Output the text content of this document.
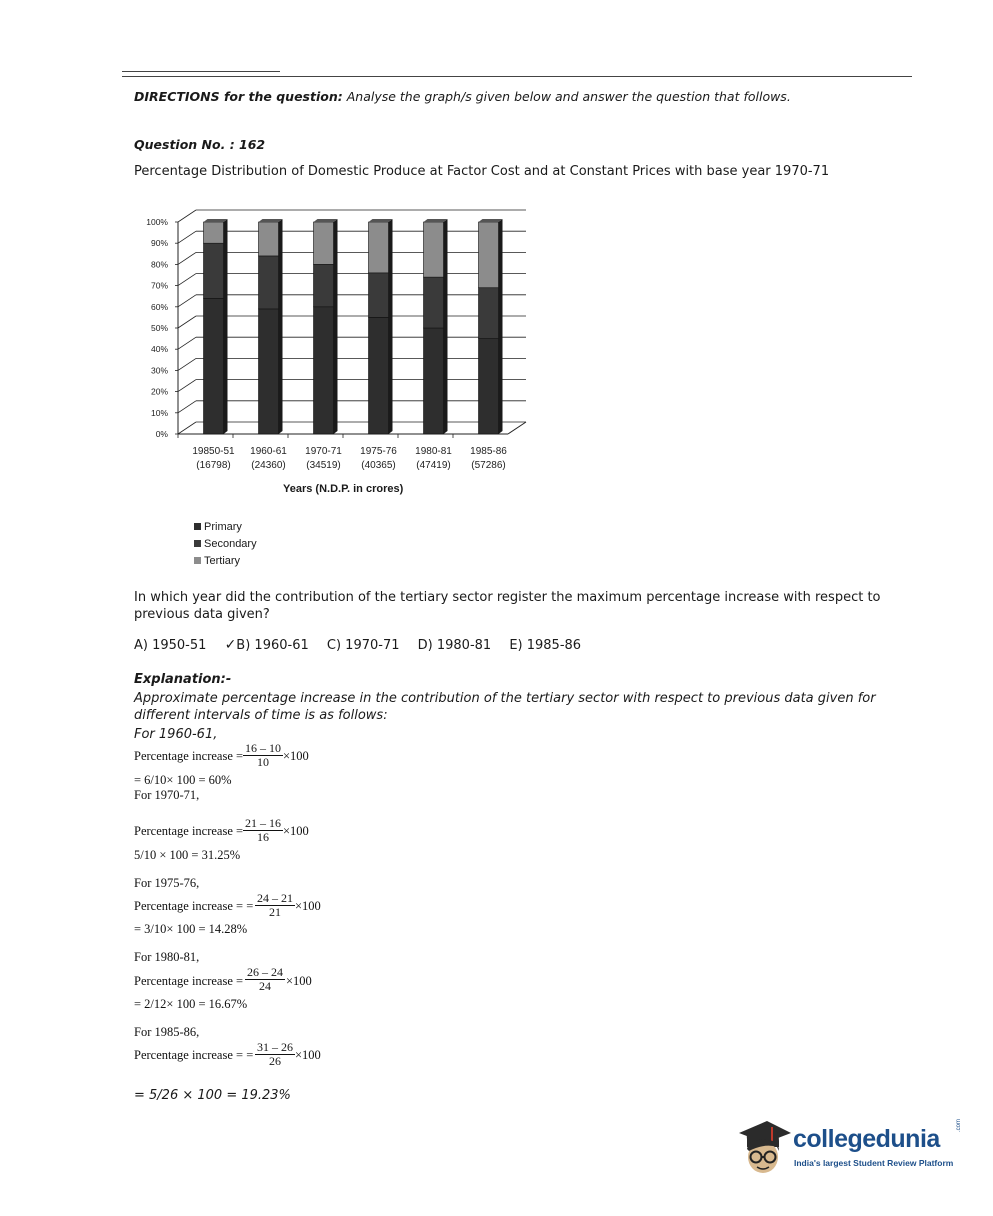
DIRECTIONS for the question: Analyse the graph/s given below and answer the question that follows.
Question No. : 162
Percentage Distribution of Domestic Produce at Factor Cost and at Constant Prices with base year 1970-71
0%
10%
20%
30%
40%
50%
60%
70%
80%
90%
100%
19850-51
(16798)
1960-61
(24360)
1970-71
(34519)
1975-76
(40365)
1980-81
(47419)
1985-86
(57286)
Years (N.D.P. in crores)
Primary
Secondary
Tertiary
In which year did the contribution of the tertiary sector register the maximum percentage increase with respect to previous data given?
A) 1950-51 ✓B) 1960-61 C) 1970-71 D) 1980-81 E) 1985-86
Explanation:-
Approximate percentage increase in the contribution of the tertiary sector with respect to previous data given for different intervals of time is as follows:
For 1960-61,
Percentage increase = $\frac{16 - 10}{10} \times 100$
= 6/10× 100 = 60%
For 1970-71,
Percentage increase = $\frac{21 - 16}{16} \times 100$
5/10 × 100 = 31.25%
For 1975-76,
Percentage increase = = $\frac{24 - 21}{21} \times 100$
= 3/10× 100 = 14.28%
For 1980-81,
Percentage increase = $\frac{26 - 24}{24} \times 100$
= 2/12× 100 = 16.67%
For 1985-86,
Percentage increase = = $\frac{31 - 26}{26} \times 100$
= 5/26 × 100 = 19.23%
collegedunia	.com
India's largest Student Review Platform
